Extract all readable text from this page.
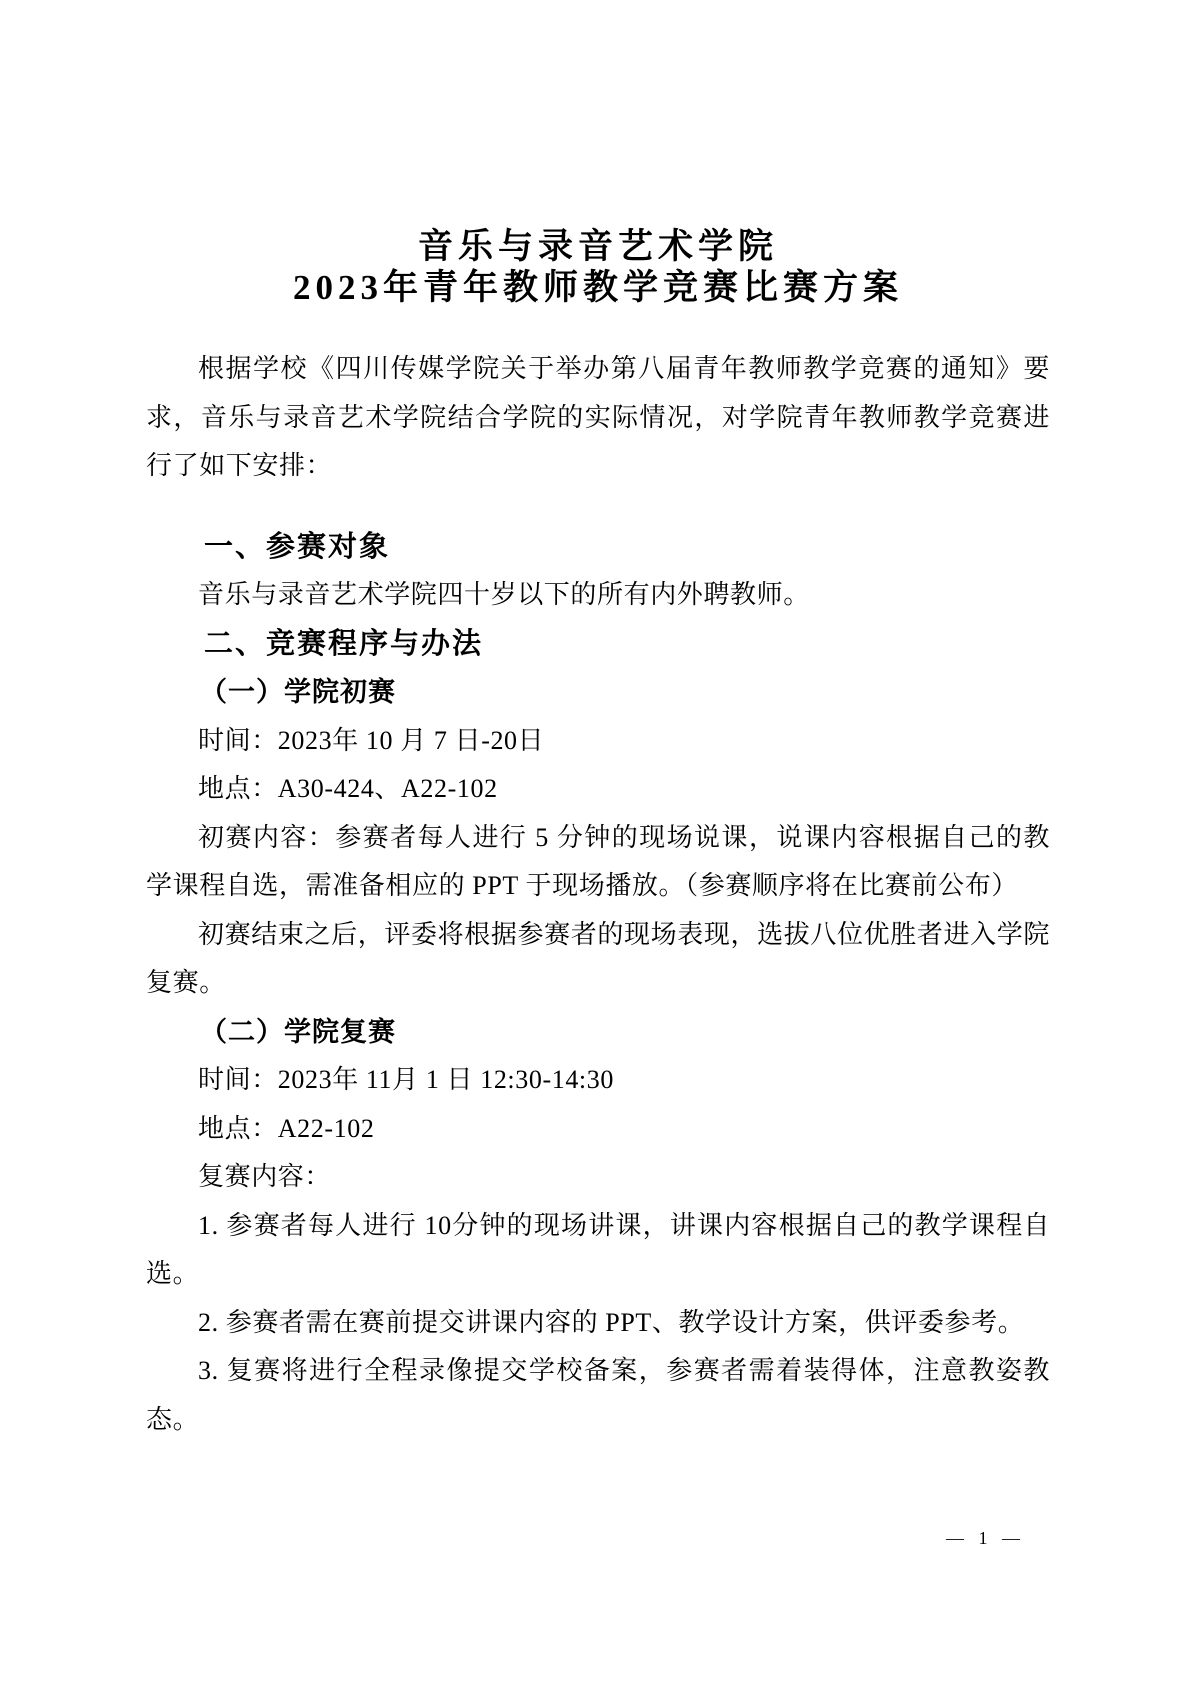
音乐与录音艺术学院
2023年青年教师教学竞赛比赛方案

根据学校《四川传媒学院关于举办第八届青年教师教学竞赛的通知》要求，音乐与录音艺术学院结合学院的实际情况，对学院青年教师教学竞赛进行了如下安排：

一、参赛对象

音乐与录音艺术学院四十岁以下的所有内外聘教师。

二、竞赛程序与办法
（一）学院初赛

时间：2023年 10 月 7 日-20日

地点：A30-424、A22-102

初赛内容：参赛者每人进行 5 分钟的现场说课，说课内容根据自己的教学课程自选，需准备相应的 PPT 于现场播放。（参赛顺序将在比赛前公布）

初赛结束之后，评委将根据参赛者的现场表现，选拔八位优胜者进入学院复赛。

（二）学院复赛

时间：2023年 11月 1 日 12:30-14:30

地点：A22-102

复赛内容：

1. 参赛者每人进行 10分钟的现场讲课，讲课内容根据自己的教学课程自选。

2. 参赛者需在赛前提交讲课内容的 PPT、教学设计方案，供评委参考。

3. 复赛将进行全程录像提交学校备案，参赛者需着装得体，注意教姿教态。

— 1 —
